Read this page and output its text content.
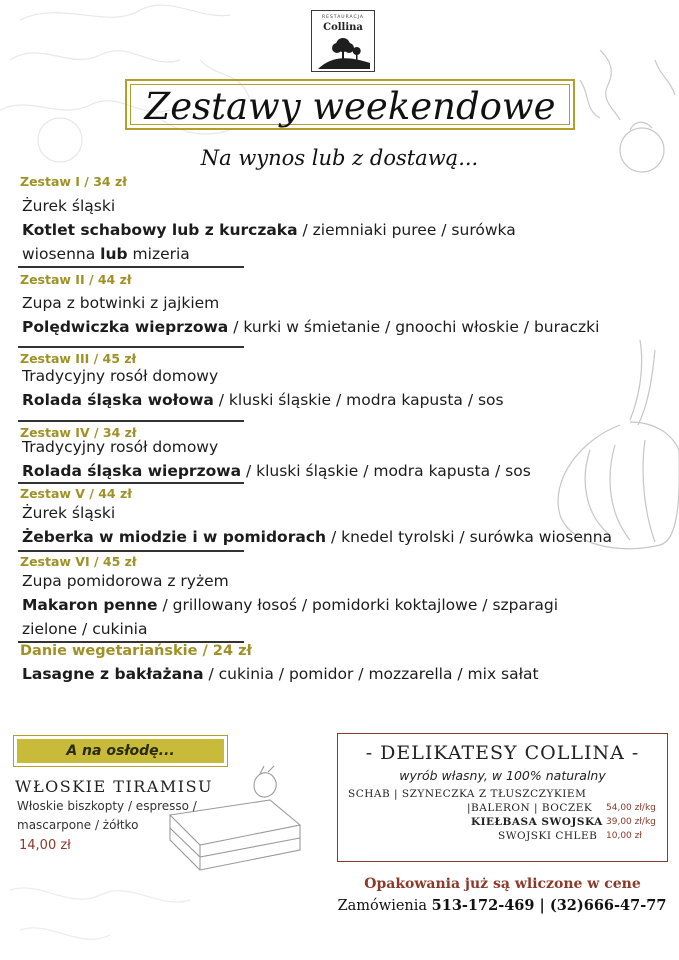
RESTAURACJA
Collina
Zestawy weekendowe
Na wynos lub z dostawą...
Zestaw I / 34 zł
Żurek śląski
Kotlet schabowy lub z kurczaka / ziemniaki puree / surówka
wiosenna lub mizeria
Zestaw II / 44 zł
Zupa z botwinki z jajkiem
Polędwiczka wieprzowa / kurki w śmietanie / gnoochi włoskie / buraczki
Zestaw III / 45 zł
Tradycyjny rosół domowy
Rolada śląska wołowa / kluski śląskie / modra kapusta / sos
Zestaw IV / 34 zł
Tradycyjny rosół domowy
Rolada śląska wieprzowa / kluski śląskie / modra kapusta / sos
Zestaw V / 44 zł
Żurek śląski
Żeberka w miodzie i w pomidorach / knedel tyrolski / surówka wiosenna
Zestaw VI / 45 zł
Zupa pomidorowa z ryżem
Makaron penne / grillowany łosoś / pomidorki koktajlowe / szparagi
zielone / cukinia
Danie wegetariańskie / 24 zł
Lasagne z bakłażana / cukinia / pomidor / mozzarella / mix sałat
A na osłodę...
WŁOSKIE TIRAMISU
Włoskie biszkopty / espresso /
mascarpone / żółtko
14,00 zł
- DELIKATESY COLLINA -
wyrób własny, w 100% naturalny
SCHAB | SZYNECZKA Z TŁUSZCZYKIEM
|BALERON | BOCZEK
KIEŁBASA SWOJSKA
SWOJSKI CHLEB
54,00 zł/kg
39,00 zł/kg
10,00 zł
Opakowania już są wliczone w cene
Zamówienia 513-172-469 | (32)666-47-77
